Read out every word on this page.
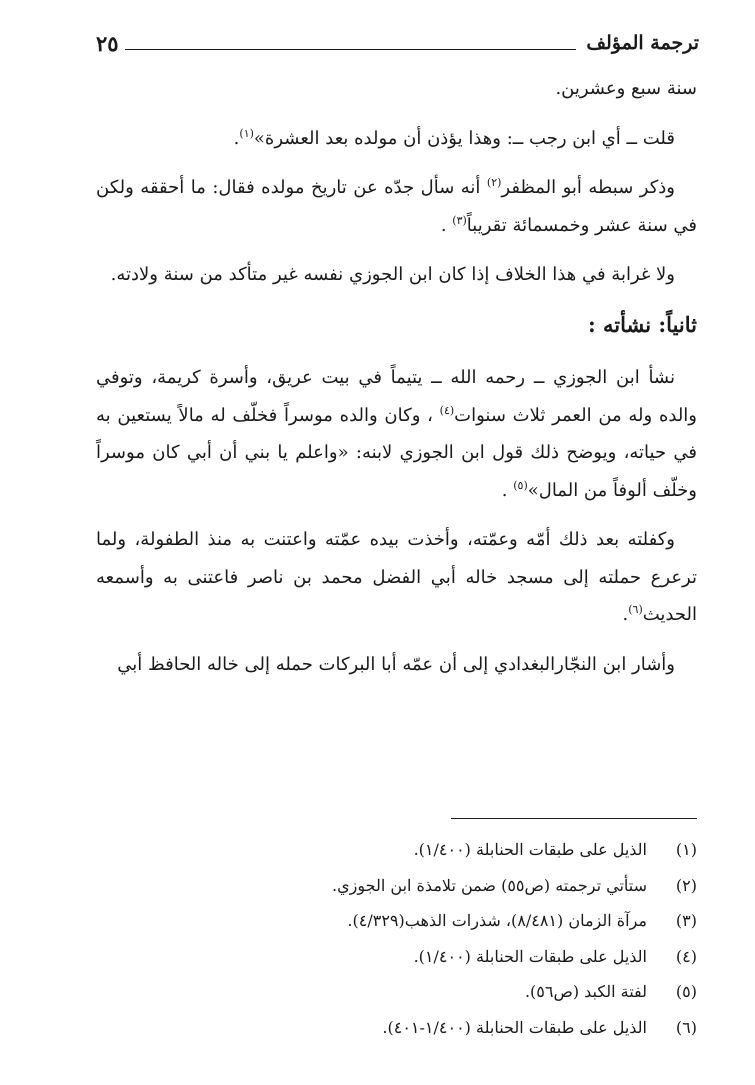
ترجمة المؤلف
٢٥

سنة سبع وعشرين.

قلت ــ أي ابن رجب ــ: وهذا يؤذن أن مولده بعد العشرة»$^{(١)}$.

وذكر سبطه أبو المظفر$^{(٢)}$ أنه سأل جدّه عن تاريخ مولده فقال: ما أحققه ولكن في سنة عشر وخمسمائة تقريباً$^{(٣)}$ .

ولا غرابة في هذا الخلاف إذا كان ابن الجوزي نفسه غير متأكد من سنة ولادته.

ثانياً: نشأته :

نشأ ابن الجوزي ــ رحمه الله ــ يتيماً في بيت عريق، وأسرة كريمة، وتوفي والده وله من العمر ثلاث سنوات$^{(٤)}$ ، وكان والده موسراً فخلّف له مالاً يستعين به في حياته، ويوضح ذلك قول ابن الجوزي لابنه: «واعلم يا بني أن أبي كان موسراً وخلّف ألوفاً من المال»$^{(٥)}$ .

وكفلته بعد ذلك أمّه وعمّته، وأخذت بيده عمّته واعتنت به منذ الطفولة، ولما ترعرع حملته إلى مسجد خاله أبي الفضل محمد بن ناصر فاعتنى به وأسمعه الحديث$^{(٦)}$.

وأشار ابن النجّارالبغدادي إلى أن عمّه أبا البركات حمله إلى خاله الحافظ أبي

(١)
الذيل على طبقات الحنابلة (١/٤٠٠).
(٢)
ستأتي ترجمته (ص٥٥) ضمن تلامذة ابن الجوزي.
(٣)
مرآة الزمان (٨/٤٨١)، شذرات الذهب(٤/٣٢٩).
(٤)
الذيل على طبقات الحنابلة (١/٤٠٠).
(٥)
لفتة الكبد (ص٥٦).
(٦)
الذيل على طبقات الحنابلة (١/٤٠٠-٤٠١).
